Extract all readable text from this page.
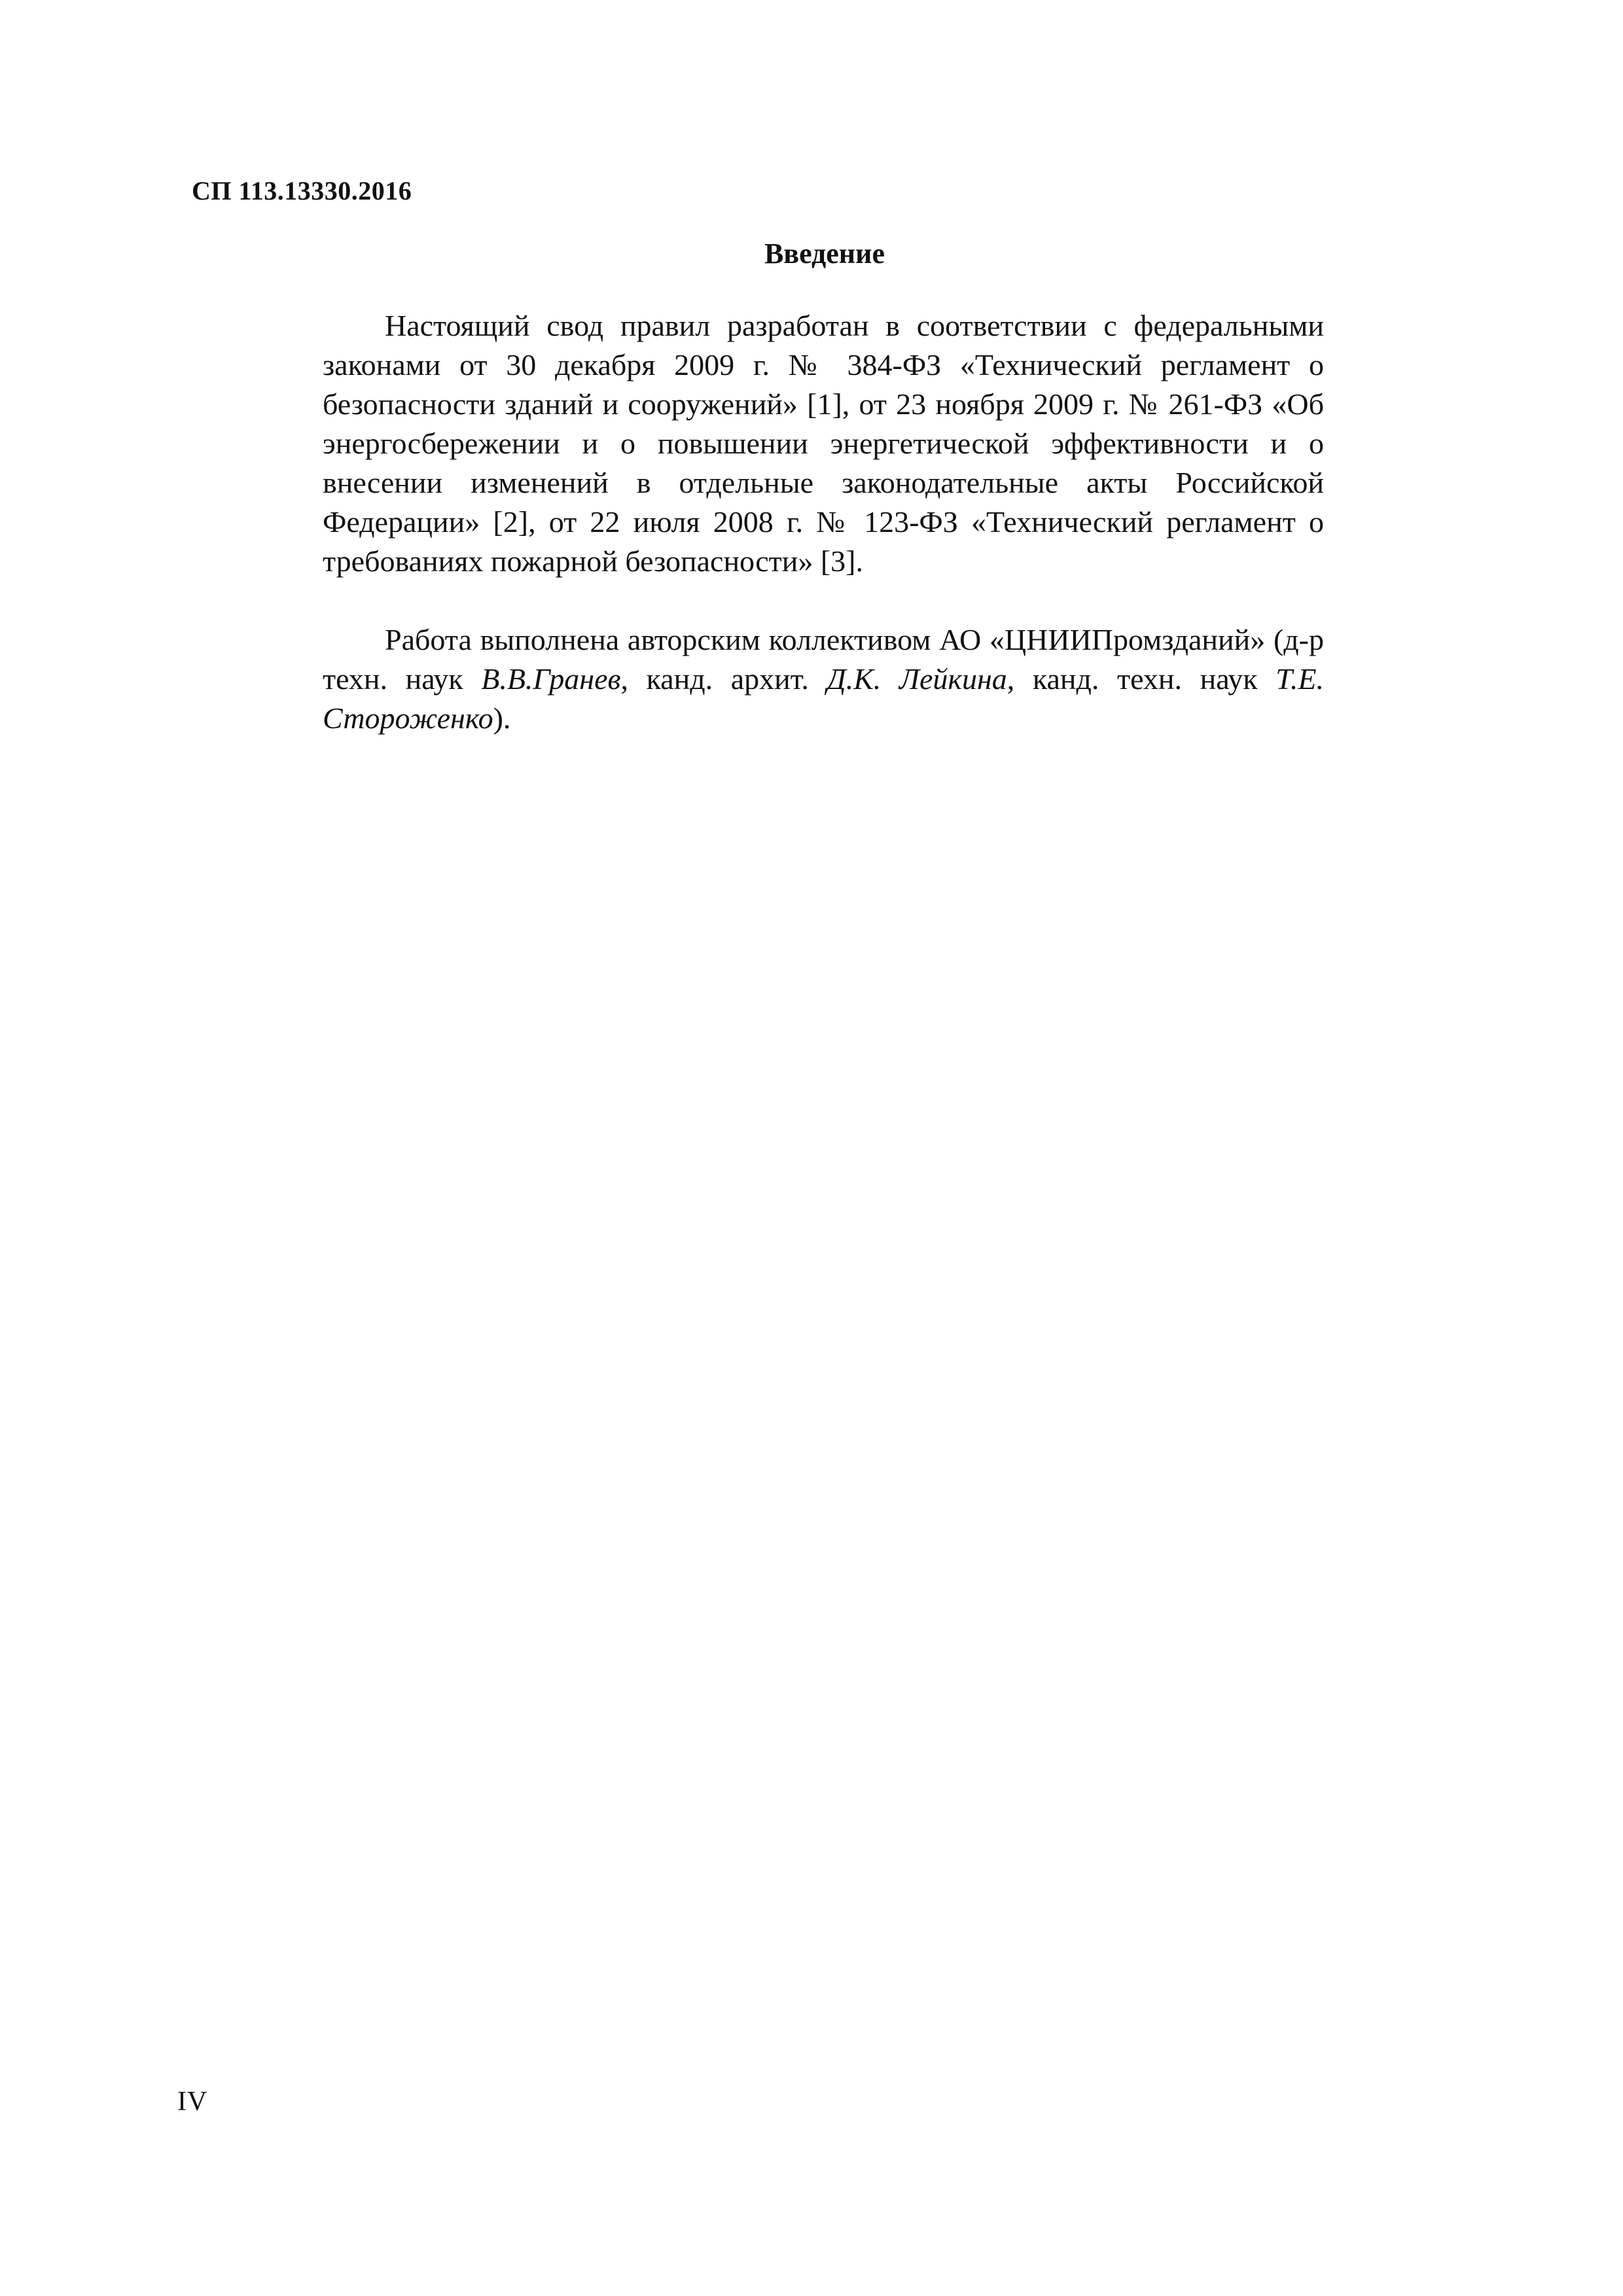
СП 113.13330.2016
Введение

Настоящий свод правил разработан в соответствии с федеральными законами от 30 декабря 2009 г. № 384-ФЗ «Технический регламент о безопасности зданий и сооружений» [1], от 23 ноября 2009 г. № 261-ФЗ «Об энергосбережении и о повышении энергетической эффективности и о внесении изменений в отдельные законодательные акты Российской Федерации» [2], от 22 июля 2008 г. № 123-ФЗ «Технический регламент о требованиях пожарной безопасности» [3].

Работа выполнена авторским коллективом АО «ЦНИИПромзданий» (д-р техн. наук В.В.Гранев, канд. архит. Д.К. Лейкина, канд. техн. наук Т.Е. Стороженко).

IV
